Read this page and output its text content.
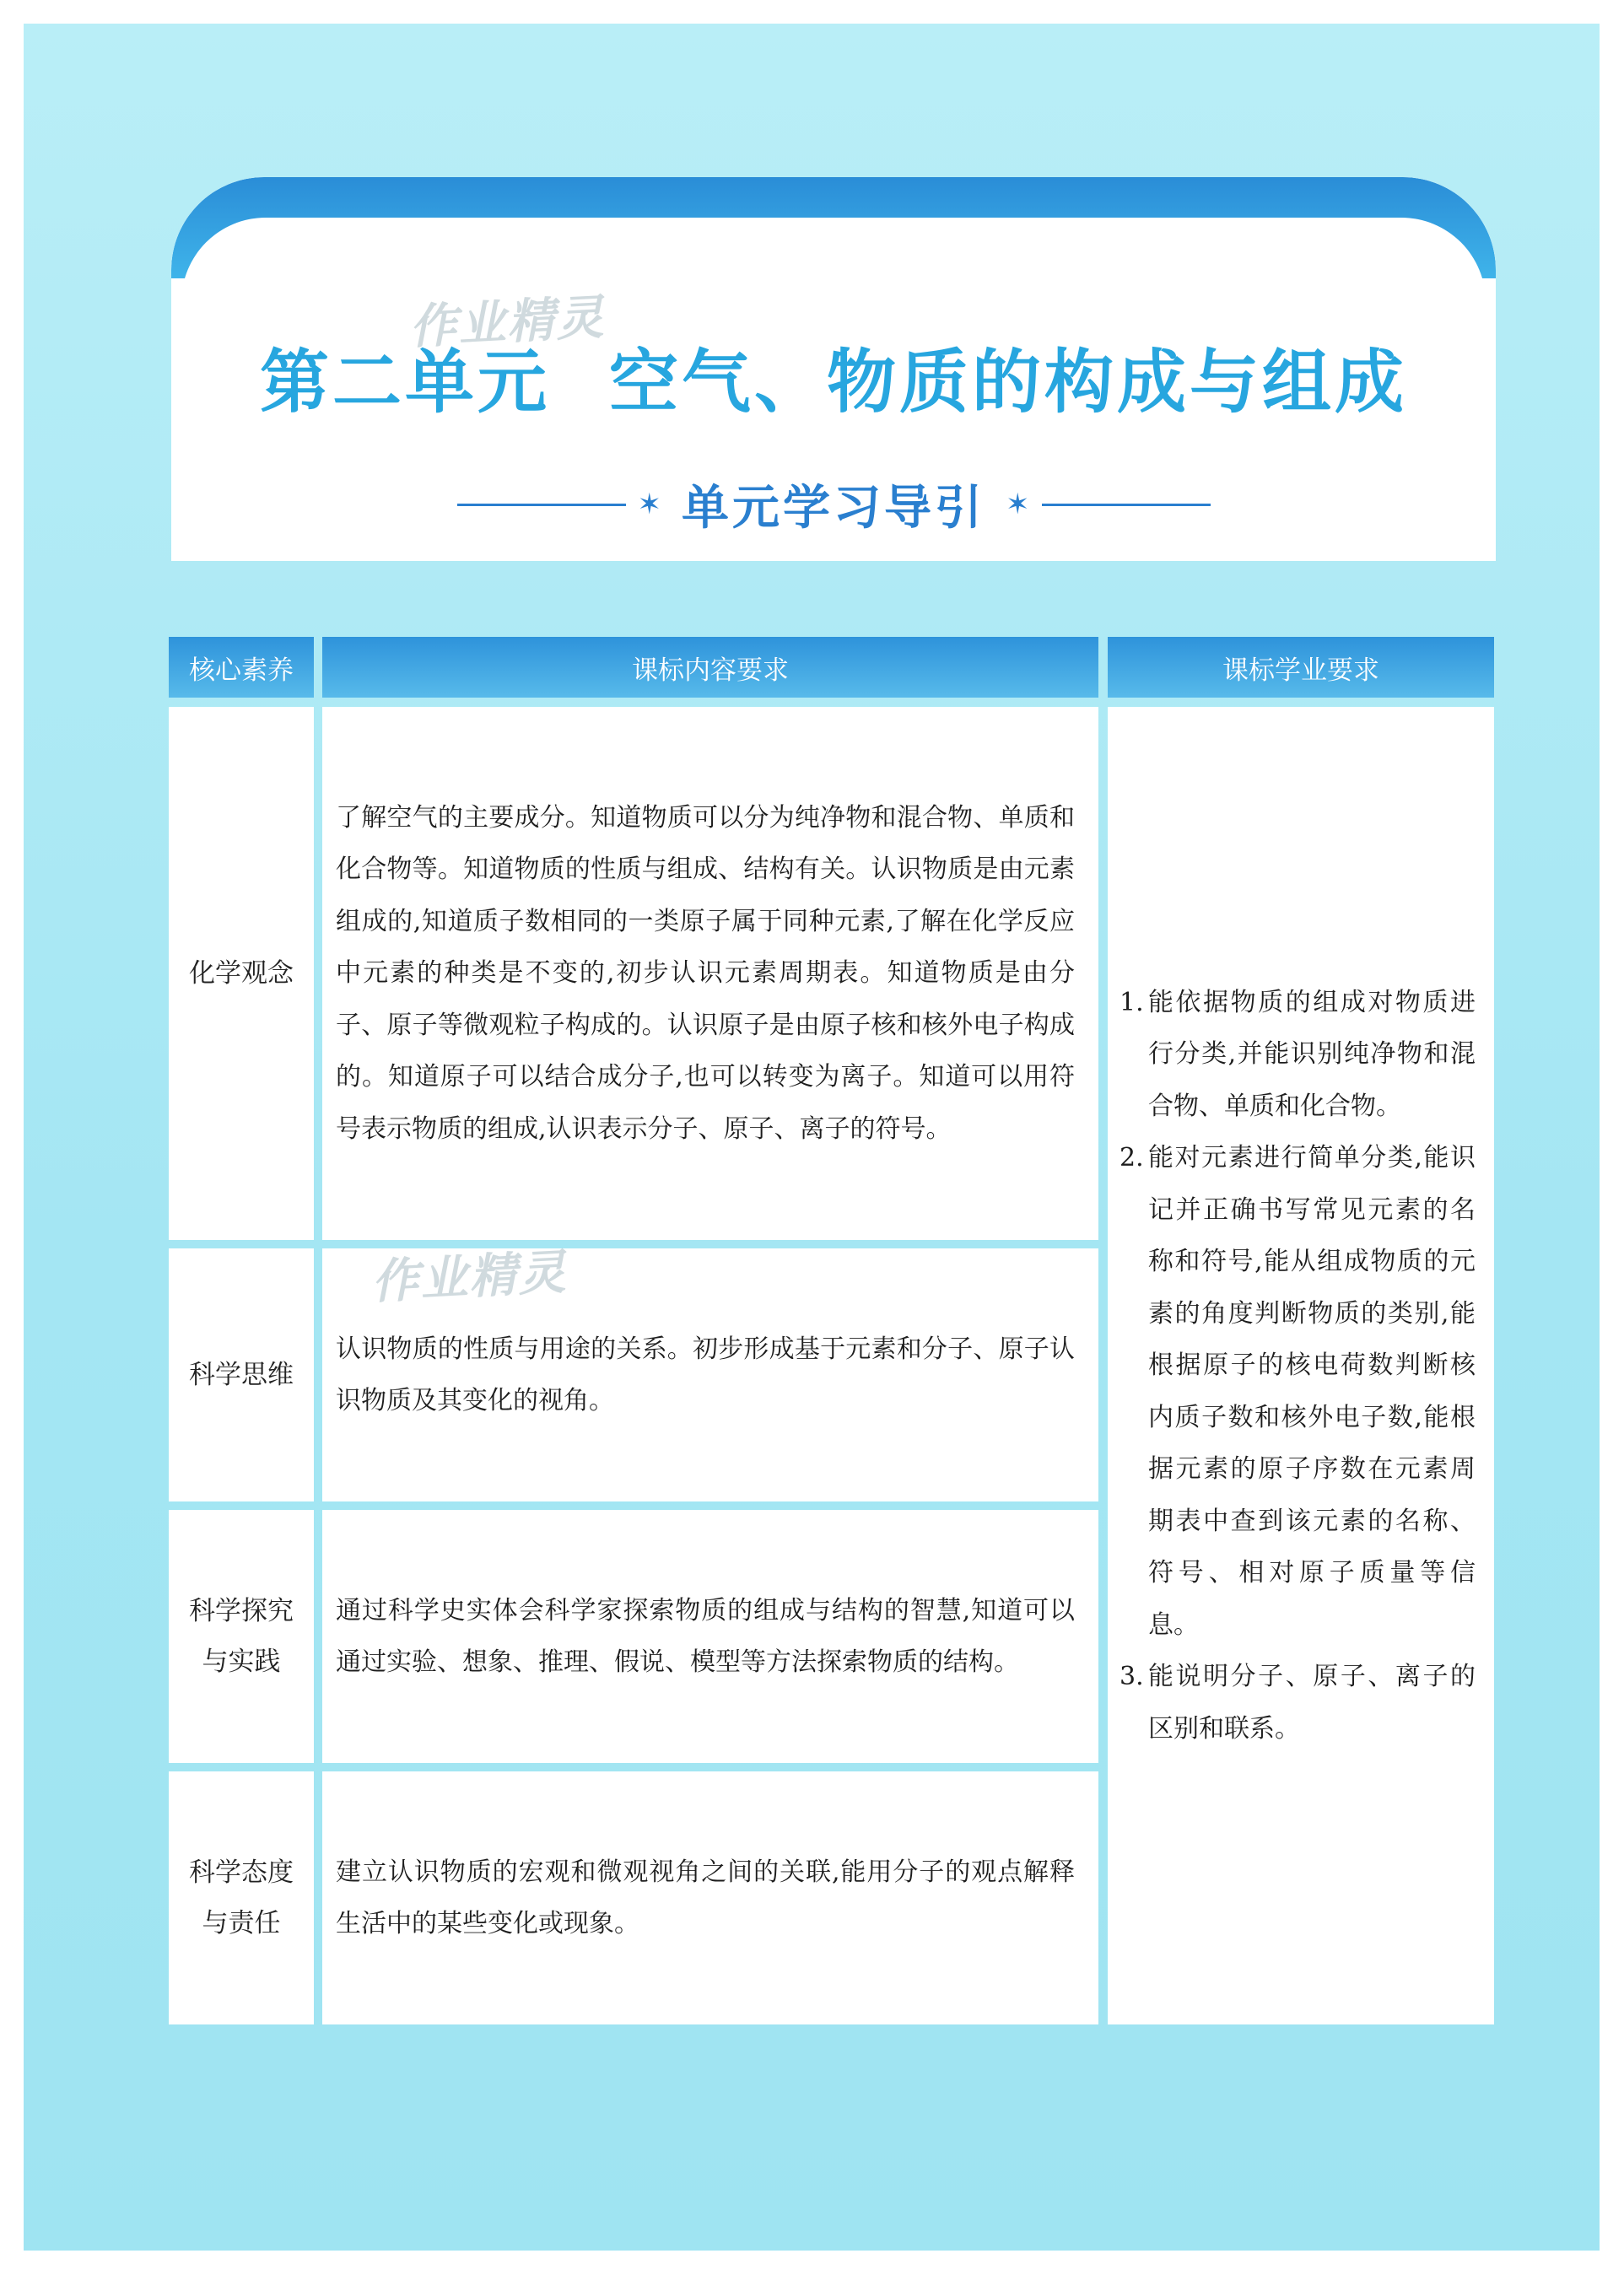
作业精灵
第二单元 空气、物质的构成与组成
✶ 单元学习导引 ✶
核心素养	课标内容要求	课标学业要求
化学观念
了解空气的主要成分。知道物质可以分为纯净物和混合物、单质和化合物等。知道物质的性质与组成、结构有关。认识物质是由元素组成的,知道质子数相同的一类原子属于同种元素,了解在化学反应中元素的种类是不变的,初步认识元素周期表。知道物质是由分子、原子等微观粒子构成的。认识原子是由原子核和核外电子构成的。知道原子可以结合成分子,也可以转变为离子。知道可以用符号表示物质的组成,认识表示分子、原子、离子的符号。
科学思维
认识物质的性质与用途的关系。初步形成基于元素和分子、原子认识物质及其变化的视角。
作业精灵
科学探究
与实践
通过科学史实体会科学家探索物质的组成与结构的智慧,知道可以通过实验、想象、推理、假说、模型等方法探索物质的结构。
科学态度
与责任
建立认识物质的宏观和微观视角之间的关联,能用分子的观点解释生活中的某些变化或现象。
1. 能依据物质的组成对物质进行分类,并能识别纯净物和混合物、单质和化合物。
2. 能对元素进行简单分类,能识记并正确书写常见元素的名称和符号,能从组成物质的元素的角度判断物质的类别,能根据原子的核电荷数判断核内质子数和核外电子数,能根据元素的原子序数在元素周期表中查到该元素的名称、符号、相对原子质量等信息。
3. 能说明分子、原子、离子的区别和联系。
